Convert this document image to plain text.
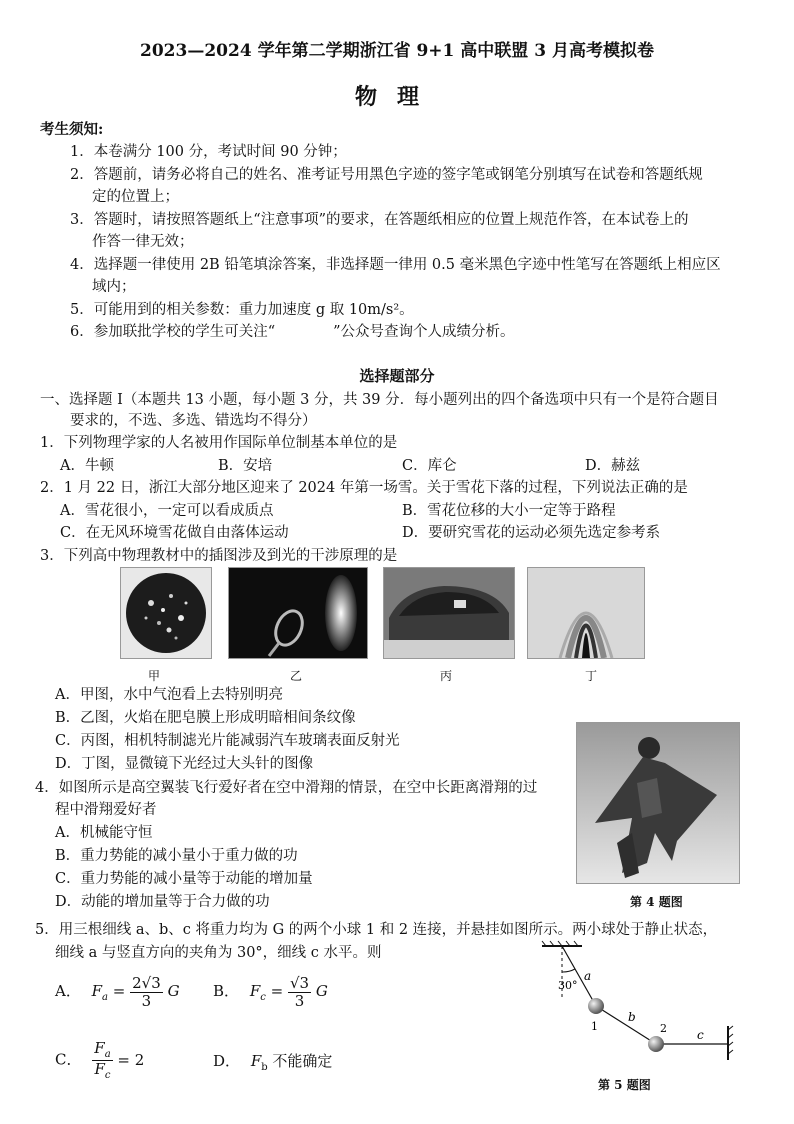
2023—2024 学年第二学期浙江省 9+1 高中联盟 3 月高考模拟卷
物理
考生须知:
1．本卷满分 100 分，考试时间 90 分钟；
2．答题前，请务必将自己的姓名、准考证号用黑色字迹的签字笔或钢笔分别填写在试卷和答题纸规
定的位置上；
3．答题时，请按照答题纸上“注意事项”的要求，在答题纸相应的位置上规范作答，在本试卷上的
作答一律无效；
4．选择题一律使用 2B 铅笔填涂答案，非选择题一律用 0.5 毫米黑色字迹中性笔写在答题纸上相应区
域内；
5．可能用到的相关参数：重力加速度 g 取 10m/s²。
6．参加联批学校的学生可关注“　　　　”公众号查询个人成绩分析。
选择题部分
一、选择题 Ⅰ（本题共 13 小题，每小题 3 分，共 39 分．每小题列出的四个备选项中只有一个是符合题目
要求的，不选、多选、错选均不得分）
1．下列物理学家的人名被用作国际单位制基本单位的是
A．牛顿	B．安培	C．库仑	D．赫兹
2．1 月 22 日，浙江大部分地区迎来了 2024 年第一场雪。关于雪花下落的过程，下列说法正确的是
A．雪花很小，一定可以看成质点	B．雪花位移的大小一定等于路程
C．在无风环境雪花做自由落体运动	D．要研究雪花的运动必须先选定参考系
3．下列高中物理教材中的插图涉及到光的干涉原理的是
甲	乙	丙	丁
A．甲图，水中气泡看上去特别明亮
B．乙图，火焰在肥皂膜上形成明暗相间条纹像
C．丙图，相机特制滤光片能减弱汽车玻璃表面反射光
D．丁图，显微镜下光经过大头针的图像
4．如图所示是高空翼装飞行爱好者在空中滑翔的情景，在空中长距离滑翔的过
程中滑翔爱好者
A．机械能守恒
B．重力势能的减小量小于重力做的功
C．重力势能的减小量等于动能的增加量
D．动能的增加量等于合力做的功	第 4 题图
5．用三根细线 a、b、c 将重力均为 G 的两个小球 1 和 2 连接，并悬挂如图所示。两小球处于静止状态，
细线 a 与竖直方向的夹角为 30°，细线 c 水平。则
A． $F_a = \frac{2√3}{3}$ G B． $F_c = \frac{√3}{3}$ G
C． $\frac{F_a}{F_c} = 2$	D． $F_b$ 不能确定
30°
a
b
c
1	2
第 5 题图
